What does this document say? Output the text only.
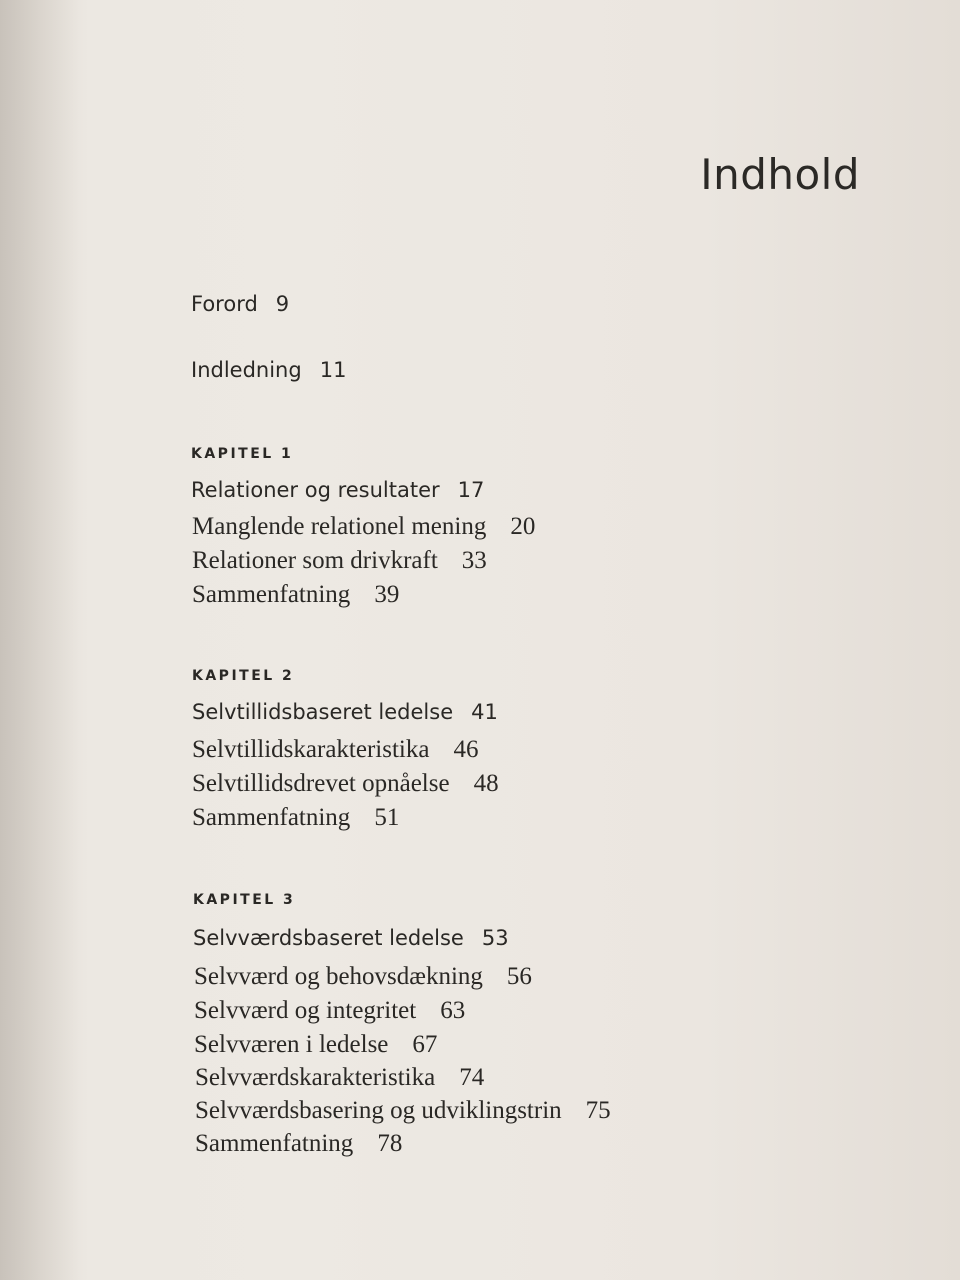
Indhold
Forord 9
Indledning 11
KAPITEL 1
Relationer og resultater 17
Manglende relationel mening 20
Relationer som drivkraft 33
Sammenfatning 39
KAPITEL 2
Selvtillidsbaseret ledelse 41
Selvtillidskarakteristika 46
Selvtillidsdrevet opnåelse 48
Sammenfatning 51
KAPITEL 3
Selvværdsbaseret ledelse 53
Selvværd og behovsdækning 56
Selvværd og integritet 63
Selvværen i ledelse 67
Selvværdskarakteristika 74
Selvværdsbasering og udviklingstrin 75
Sammenfatning 78
